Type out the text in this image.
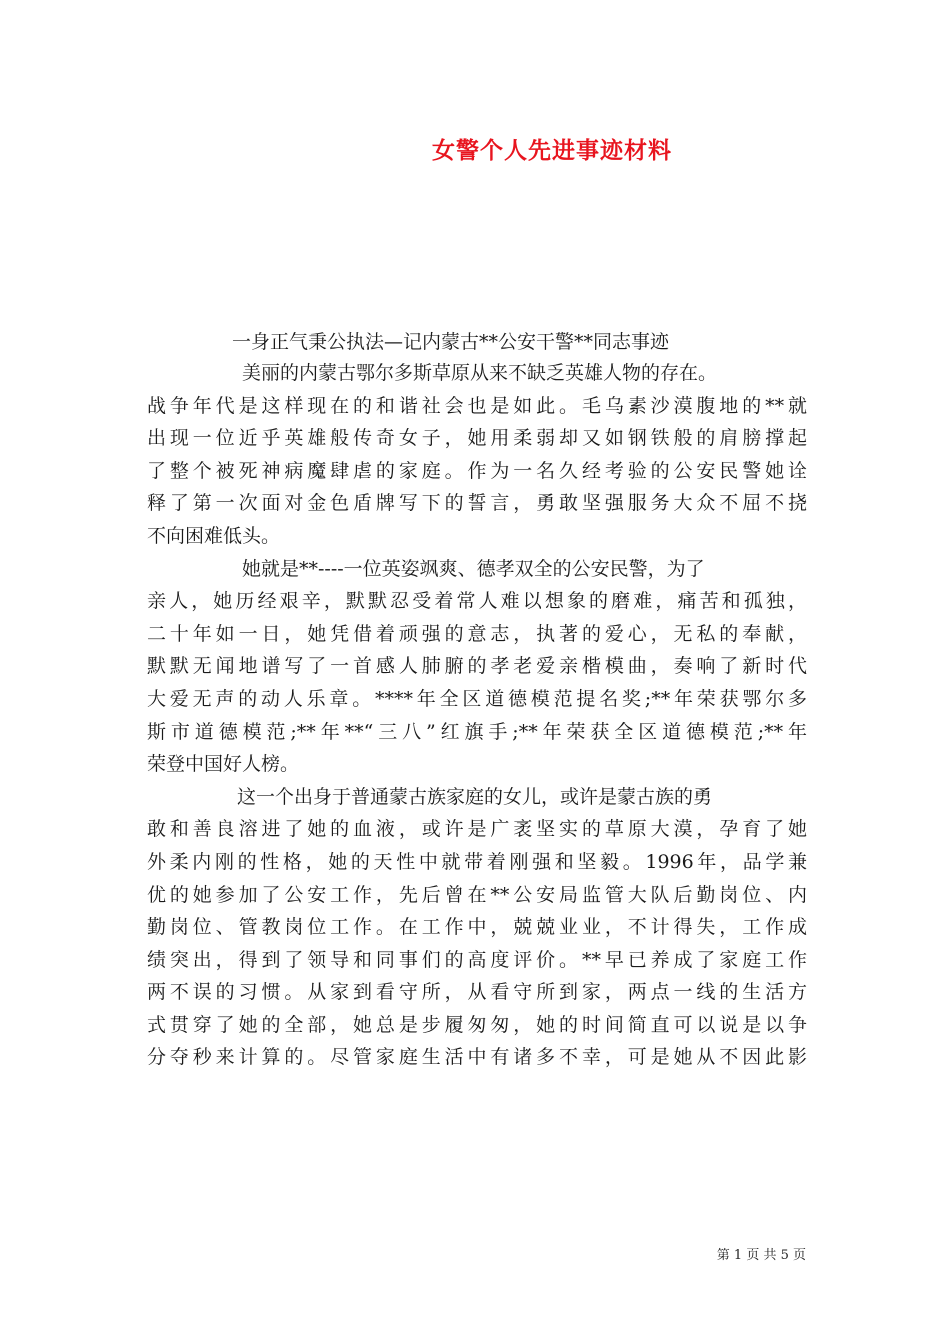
女警个人先进事迹材料
一身正气秉公执法—记内蒙古**公安干警**同志事迹
美丽的内蒙古鄂尔多斯草原从来不缺乏英雄人物的存在。
战争年代是这样现在的和谐社会也是如此。毛乌素沙漠腹地的**就
出现一位近乎英雄般传奇女子，她用柔弱却又如钢铁般的肩膀撑起
了整个被死神病魔肆虐的家庭。作为一名久经考验的公安民警她诠
释了第一次面对金色盾牌写下的誓言，勇敢坚强服务大众不屈不挠
不向困难低头。
她就是**----一位英姿飒爽、德孝双全的公安民警，为了
亲人，她历经艰辛，默默忍受着常人难以想象的磨难，痛苦和孤独，
二十年如一日，她凭借着顽强的意志，执著的爱心，无私的奉献，
默默无闻地谱写了一首感人肺腑的孝老爱亲楷模曲，奏响了新时代
大爱无声的动人乐章。****年全区道德模范提名奖;**年荣获鄂尔多
斯市道德模范;**年**“三八”红旗手;**年荣获全区道德模范;**年
荣登中国好人榜。
这一个出身于普通蒙古族家庭的女儿，或许是蒙古族的勇
敢和善良溶进了她的血液，或许是广袤坚实的草原大漠，孕育了她
外柔内刚的性格，她的天性中就带着刚强和坚毅。1996年，品学兼
优的她参加了公安工作，先后曾在**公安局监管大队后勤岗位、内
勤岗位、管教岗位工作。在工作中，兢兢业业，不计得失，工作成
绩突出，得到了领导和同事们的高度评价。**早已养成了家庭工作
两不误的习惯。从家到看守所，从看守所到家，两点一线的生活方
式贯穿了她的全部，她总是步履匆匆，她的时间简直可以说是以争
分夺秒来计算的。尽管家庭生活中有诸多不幸，可是她从不因此影
第 1 页 共 5 页
